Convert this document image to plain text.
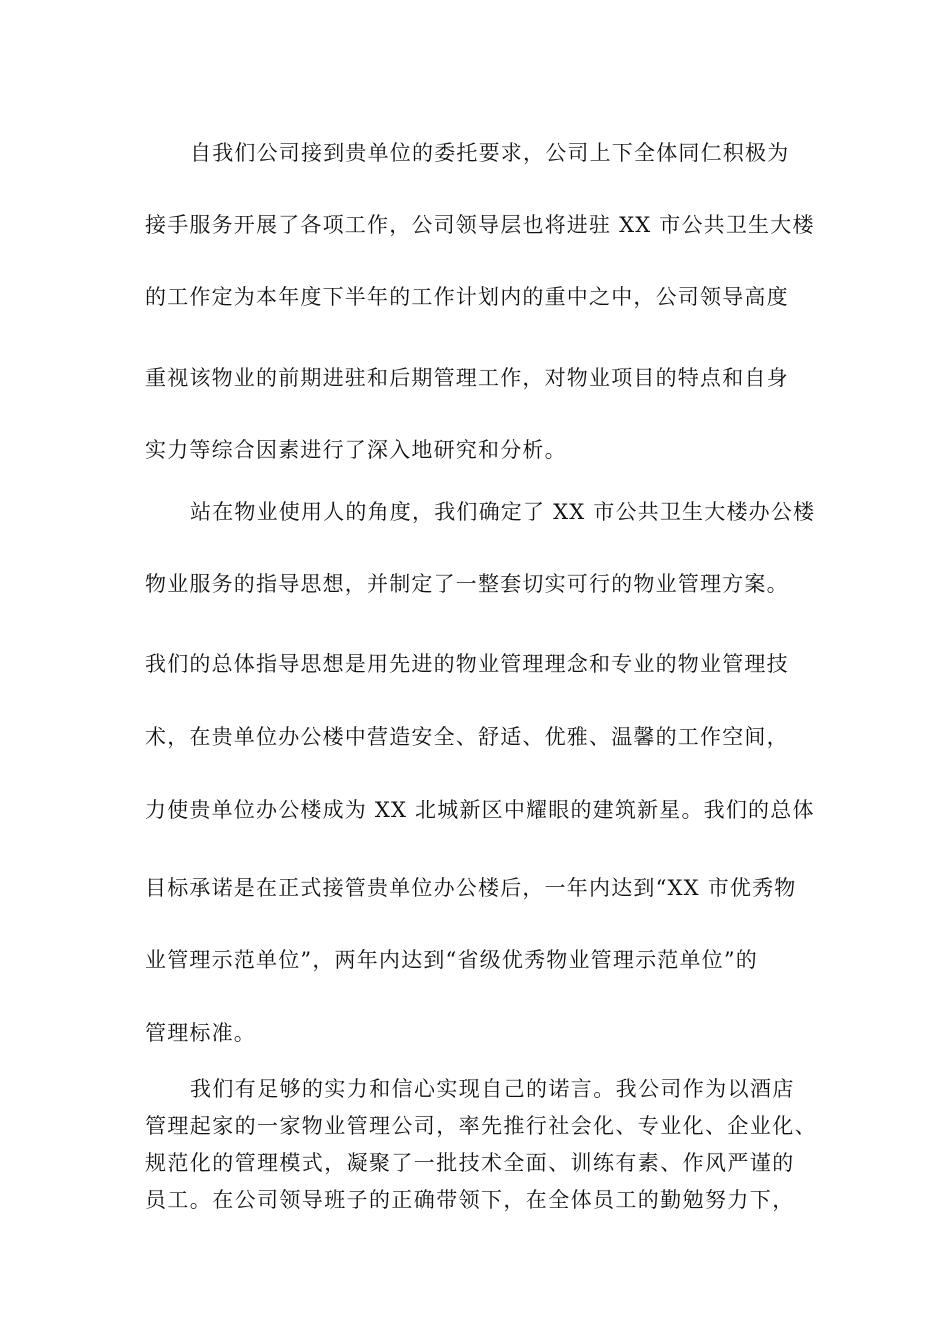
自我们公司接到贵单位的委托要求，公司上下全体同仁积极为
接手服务开展了各项工作，公司领导层也将进驻 XX 市公共卫生大楼
的工作定为本年度下半年的工作计划内的重中之中，公司领导高度
重视该物业的前期进驻和后期管理工作，对物业项目的特点和自身
实力等综合因素进行了深入地研究和分析。
站在物业使用人的角度，我们确定了 XX 市公共卫生大楼办公楼
物业服务的指导思想，并制定了一整套切实可行的物业管理方案。
我们的总体指导思想是用先进的物业管理理念和专业的物业管理技
术，在贵单位办公楼中营造安全、舒适、优雅、温馨的工作空间，
力使贵单位办公楼成为 XX 北城新区中耀眼的建筑新星。我们的总体
目标承诺是在正式接管贵单位办公楼后，一年内达到“XX 市优秀物
业管理示范单位”，两年内达到“省级优秀物业管理示范单位”的
管理标准。
我们有足够的实力和信心实现自己的诺言。我公司作为以酒店
管理起家的一家物业管理公司，率先推行社会化、专业化、企业化、
规范化的管理模式，凝聚了一批技术全面、训练有素、作风严谨的
员工。在公司领导班子的正确带领下，在全体员工的勤勉努力下，
